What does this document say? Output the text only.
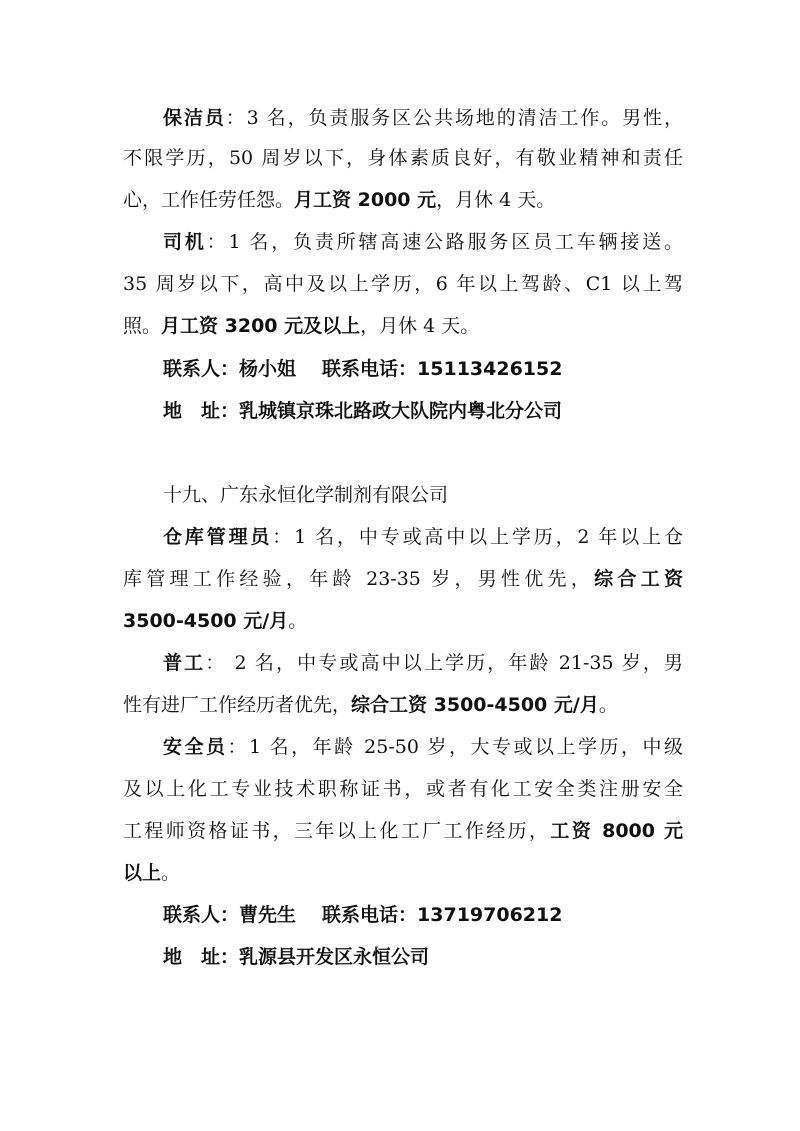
保洁员：3 名，负责服务区公共场地的清洁工作。男性，
不限学历，50 周岁以下，身体素质良好，有敬业精神和责任
心，工作任劳任怨。月工资 2000 元，月休 4 天。
司机：1 名，负责所辖高速公路服务区员工车辆接送。
35 周岁以下，高中及以上学历，6 年以上驾龄、C1 以上驾
照。月工资 3200 元及以上，月休 4 天。
联系人：杨小姐 联系电话：15113426152
地　址：乳城镇京珠北路政大队院内粤北分公司
十九、广东永恒化学制剂有限公司
仓库管理员：1 名，中专或高中以上学历，2 年以上仓
库管理工作经验，年龄 23-35 岁，男性优先，综合工资
3500-4500 元/月。
普工： 2 名，中专或高中以上学历，年龄 21-35 岁，男
性有进厂工作经历者优先，综合工资 3500-4500 元/月。
安全员：1 名，年龄 25-50 岁，大专或以上学历，中级
及以上化工专业技术职称证书，或者有化工安全类注册安全
工程师资格证书，三年以上化工厂工作经历，工资 8000 元
以上。
联系人：曹先生 联系电话：13719706212
地　址：乳源县开发区永恒公司
